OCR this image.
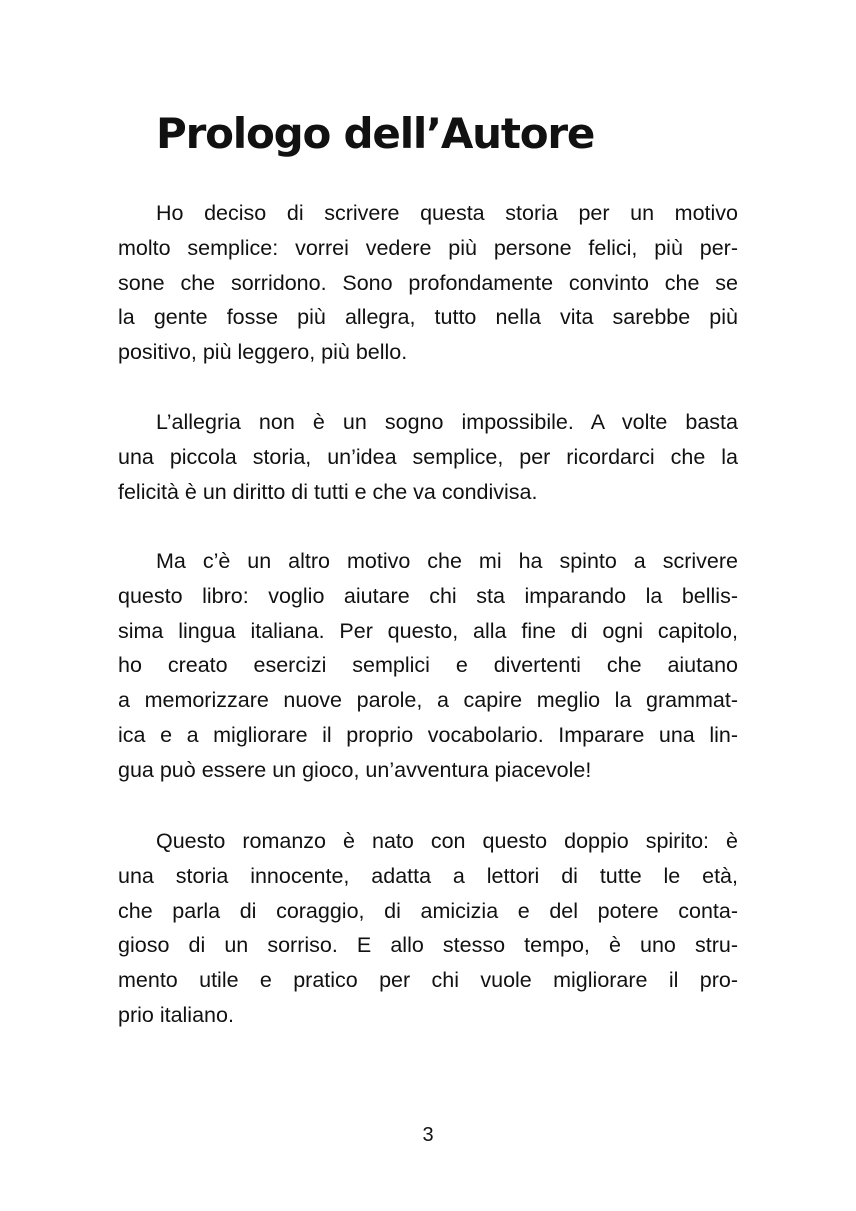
Prologo dell’Autore

Ho deciso di scrivere questa storia per un motivo
molto semplice: vorrei vedere più persone felici, più per-
sone che sorridono. Sono profondamente convinto che se
la gente fosse più allegra, tutto nella vita sarebbe più
positivo, più leggero, più bello.

L’allegria non è un sogno impossibile. A volte basta
una piccola storia, un’idea semplice, per ricordarci che la
felicità è un diritto di tutti e che va condivisa.

Ma c’è un altro motivo che mi ha spinto a scrivere
questo libro: voglio aiutare chi sta imparando la bellis-
sima lingua italiana. Per questo, alla fine di ogni capitolo,
ho creato esercizi semplici e divertenti che aiutano
a memorizzare nuove parole, a capire meglio la grammat-
ica e a migliorare il proprio vocabolario. Imparare una lin-
gua può essere un gioco, un’avventura piacevole!

Questo romanzo è nato con questo doppio spirito: è
una storia innocente, adatta a lettori di tutte le età,
che parla di coraggio, di amicizia e del potere conta-
gioso di un sorriso. E allo stesso tempo, è uno stru-
mento utile e pratico per chi vuole migliorare il pro-
prio italiano.

3
